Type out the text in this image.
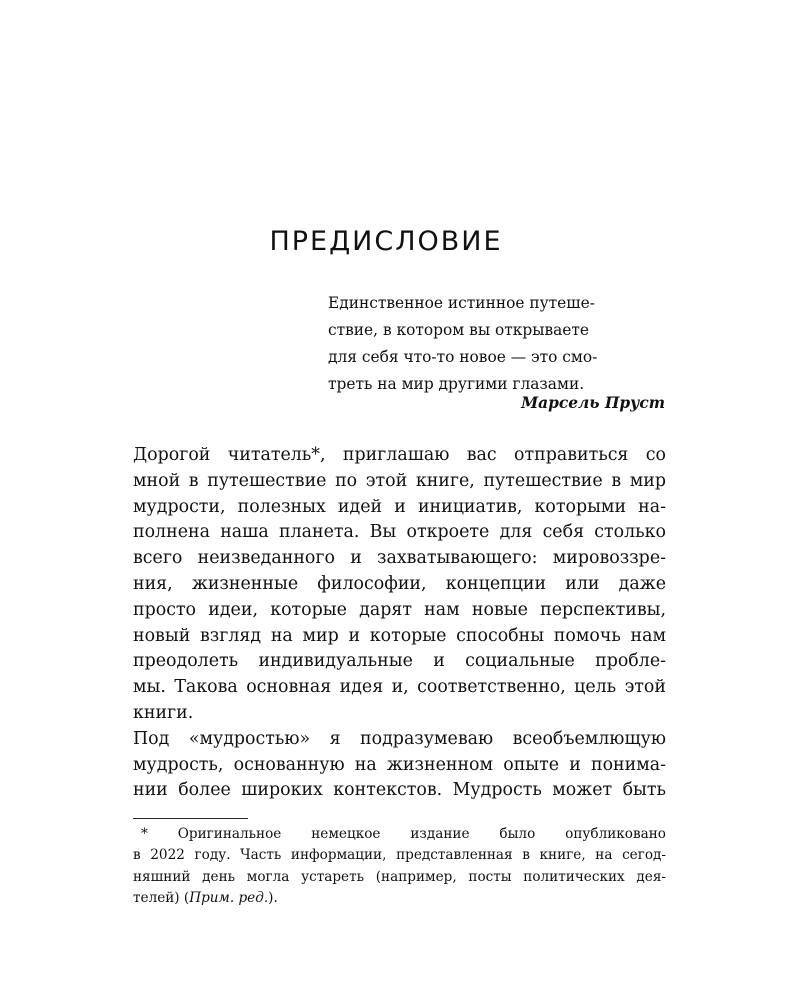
ПРЕДИСЛОВИЕ
Единственное истинное путеше-
ствие, в котором вы открываете
для себя что-то новое — это смо-
треть на мир другими глазами.
Марсель Пруст
Дорогой читатель*, приглашаю вас отправиться со
мной в путешествие по этой книге, путешествие в мир
мудрости, полезных идей и инициатив, которыми на-
полнена наша планета. Вы откроете для себя столько
всего неизведанного и захватывающего: мировоззре-
ния, жизненные философии, концепции или даже
просто идеи, которые дарят нам новые перспективы,
новый взгляд на мир и которые способны помочь нам
преодолеть индивидуальные и социальные пробле-
мы. Такова основная идея и, соответственно, цель этой
книги.
Под «мудростью» я подразумеваю всеобъемлющую
мудрость, основанную на жизненном опыте и понима-
нии более широких контекстов. Мудрость может быть
* Оригинальное немецкое издание было опубликовано
в 2022 году. Часть информации, представленная в книге, на сегод-
няшний день могла устареть (например, посты политических дея-
телей) (Прим. ред.).
